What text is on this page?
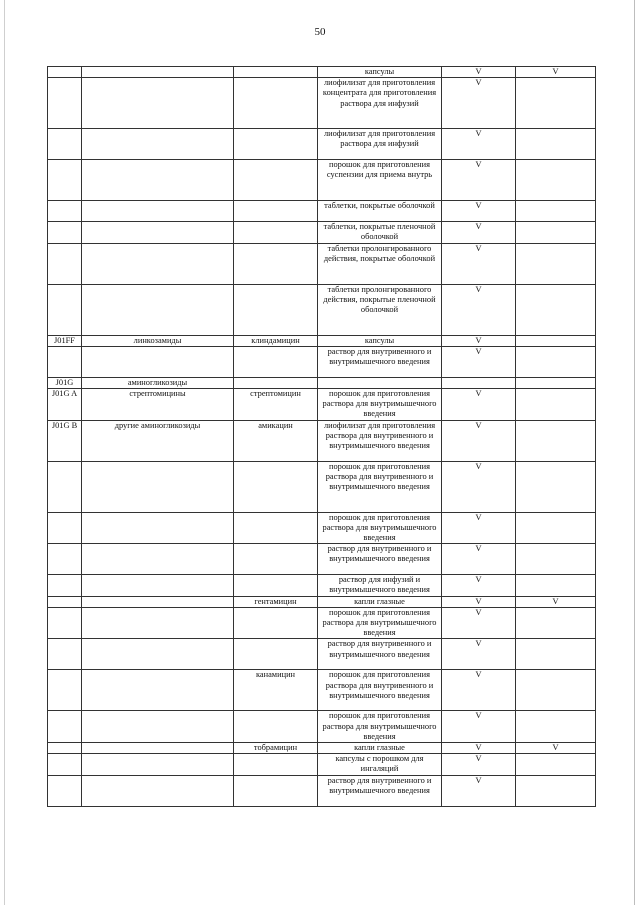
50
			капсулы	V	V
			лиофилизат для приготовления концентрата для приготовления раствора для инфузий	V	
			лиофилизат для приготовления раствора для инфузий	V	
			порошок для приготовления суспензии для приема внутрь	V	
			таблетки, покрытые оболочкой	V	
			таблетки, покрытые пленочной оболочкой	V	
			таблетки пролонгированного действия, покрытые оболочкой	V	
			таблетки пролонгированного действия, покрытые пленочной оболочкой	V	
J01FF	линкозамиды	клиндамицин	капсулы	V	
			раствор для внутривенного и внутримышечного введения	V	
J01G	аминогликозиды				
J01G A	стрептомицины	стрептомицин	порошок для приготовления раствора для внутримышечного введения	V	
J01G B	другие аминогликозиды	амикацин	лиофилизат для приготовления раствора для внутривенного и внутримышечного введения	V	
			порошок для приготовления раствора для внутривенного и внутримышечного введения	V	
			порошок для приготовления раствора для внутримышечного введения	V	
			раствор для внутривенного и внутримышечного введения	V	
			раствор для инфузий и внутримышечного введения	V	
		гентамицин	капли глазные	V	V
			порошок для приготовления раствора для внутримышечного введения	V	
			раствор для внутривенного и внутримышечного введения	V	
		канамицин	порошок для приготовления раствора для внутривенного и внутримышечного введения	V	
			порошок для приготовления раствора для внутримышечного введения	V	
		тобрамицин	капли глазные	V	V
			капсулы с порошком для ингаляций	V	
			раствор для внутривенного и внутримышечного введения	V	
